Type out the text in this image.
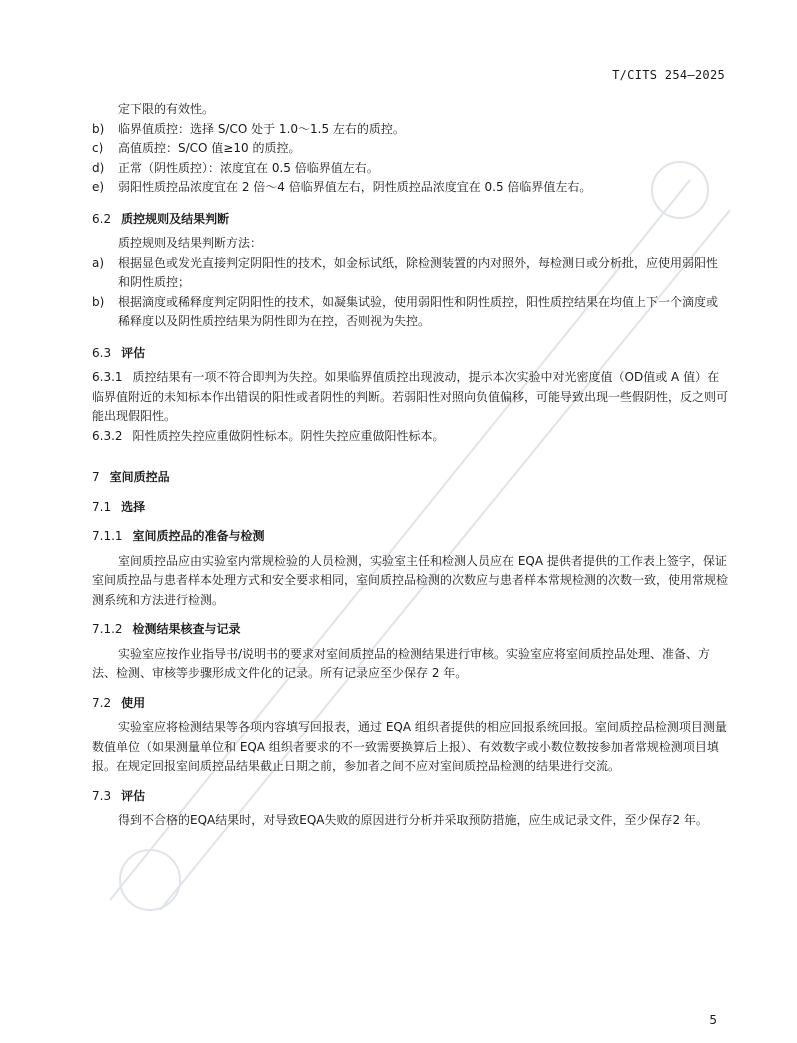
T/CITS 254—2025

定下限的有效性。

b)	临界值质控：选择 S/CO 处于 1.0～1.5 左右的质控。

c)	高值质控：S/CO 值≥10 的质控。

d)	正常（阴性质控）：浓度宜在 0.5 倍临界值左右。

e)	弱阳性质控品浓度宜在 2 倍～4 倍临界值左右，阴性质控品浓度宜在 0.5 倍临界值左右。

6.2 质控规则及结果判断

质控规则及结果判断方法：

a)	根据显色或发光直接判定阴阳性的技术，如金标试纸，除检测装置的内对照外，每检测日或分析批，应使用弱阳性和阴性质控；

b)	根据滴度或稀释度判定阴阳性的技术，如凝集试验，使用弱阳性和阴性质控，阳性质控结果在均值上下一个滴度或稀释度以及阴性质控结果为阴性即为在控，否则视为失控。

6.3 评估

6.3.1 质控结果有一项不符合即判为失控。如果临界值质控出现波动，提示本次实验中对光密度值（OD值或 A 值）在临界值附近的未知标本作出错误的阳性或者阴性的判断。若弱阳性对照向负值偏移，可能导致出现一些假阴性，反之则可能出现假阳性。

6.3.2 阳性质控失控应重做阴性标本。阴性失控应重做阳性标本。

7 室间质控品

7.1 选择

7.1.1 室间质控品的准备与检测

室间质控品应由实验室内常规检验的人员检测，实验室主任和检测人员应在 EQA 提供者提供的工作表上签字，保证室间质控品与患者样本处理方式和安全要求相同，室间质控品检测的次数应与患者样本常规检测的次数一致，使用常规检测系统和方法进行检测。

7.1.2 检测结果核查与记录

实验室应按作业指导书/说明书的要求对室间质控品的检测结果进行审核。实验室应将室间质控品处理、准备、方法、检测、审核等步骤形成文件化的记录。所有记录应至少保存 2 年。

7.2 使用

实验室应将检测结果等各项内容填写回报表，通过 EQA 组织者提供的相应回报系统回报。室间质控品检测项目测量数值单位（如果测量单位和 EQA 组织者要求的不一致需要换算后上报）、有效数字或小数位数按参加者常规检测项目填报。在规定回报室间质控品结果截止日期之前，参加者之间不应对室间质控品检测的结果进行交流。

7.3 评估

得到不合格的EQA结果时，对导致EQA失败的原因进行分析并采取预防措施，应生成记录文件，至少保存2 年。

5
